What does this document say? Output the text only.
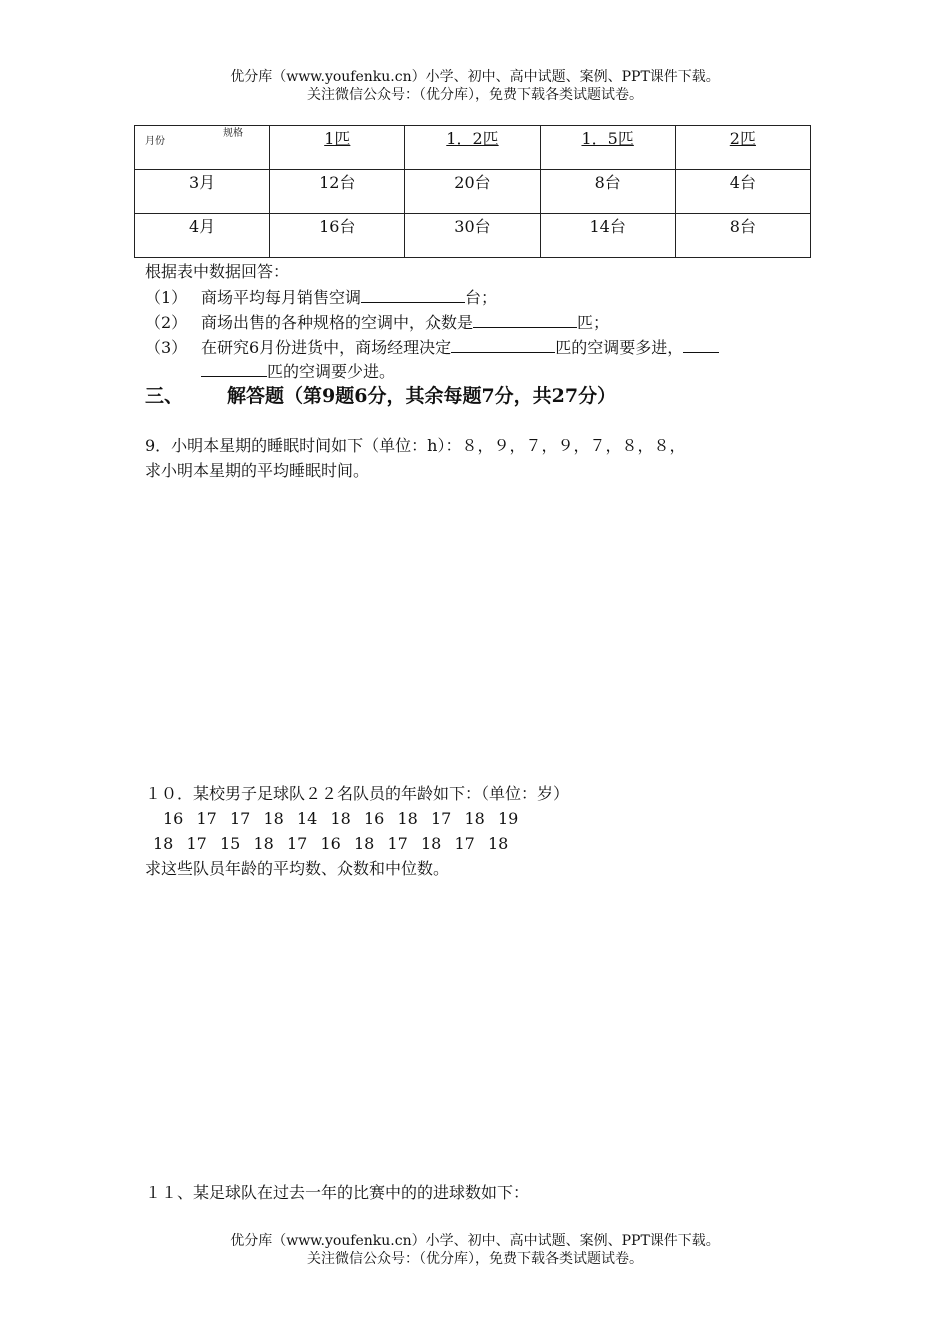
优分库（www.youfenku.cn）小学、初中、高中试题、案例、PPT课件下载。
关注微信公众号：（优分库），免费下载各类试题试卷。
规格
月份	1匹	1．2匹	1．5匹	2匹
3月	12台	20台	8台	4台
4月	16台	30台	14台	8台
根据表中数据回答：
（1） 商场平均每月销售空调	台；
（2） 商场出售的各种规格的空调中，众数是	匹；
（3） 在研究6月份进货中，商场经理决定	匹的空调要多进，
匹的空调要少进。
三、 解答题（第9题6分，其余每题7分，共27分）
9．小明本星期的睡眠时间如下（单位：h）：８，９，７，９，７，８，８，
求小明本星期的平均睡眠时间。
１０．某校男子足球队２２名队员的年龄如下：（单位：岁）
16 17 17 18 14 18 16 18 17 18 19
18 17 15 18 17 16 18 17 18 17 18
求这些队员年龄的平均数、众数和中位数。
１１、某足球队在过去一年的比赛中的的进球数如下：
优分库（www.youfenku.cn）小学、初中、高中试题、案例、PPT课件下载。
关注微信公众号：（优分库），免费下载各类试题试卷。
